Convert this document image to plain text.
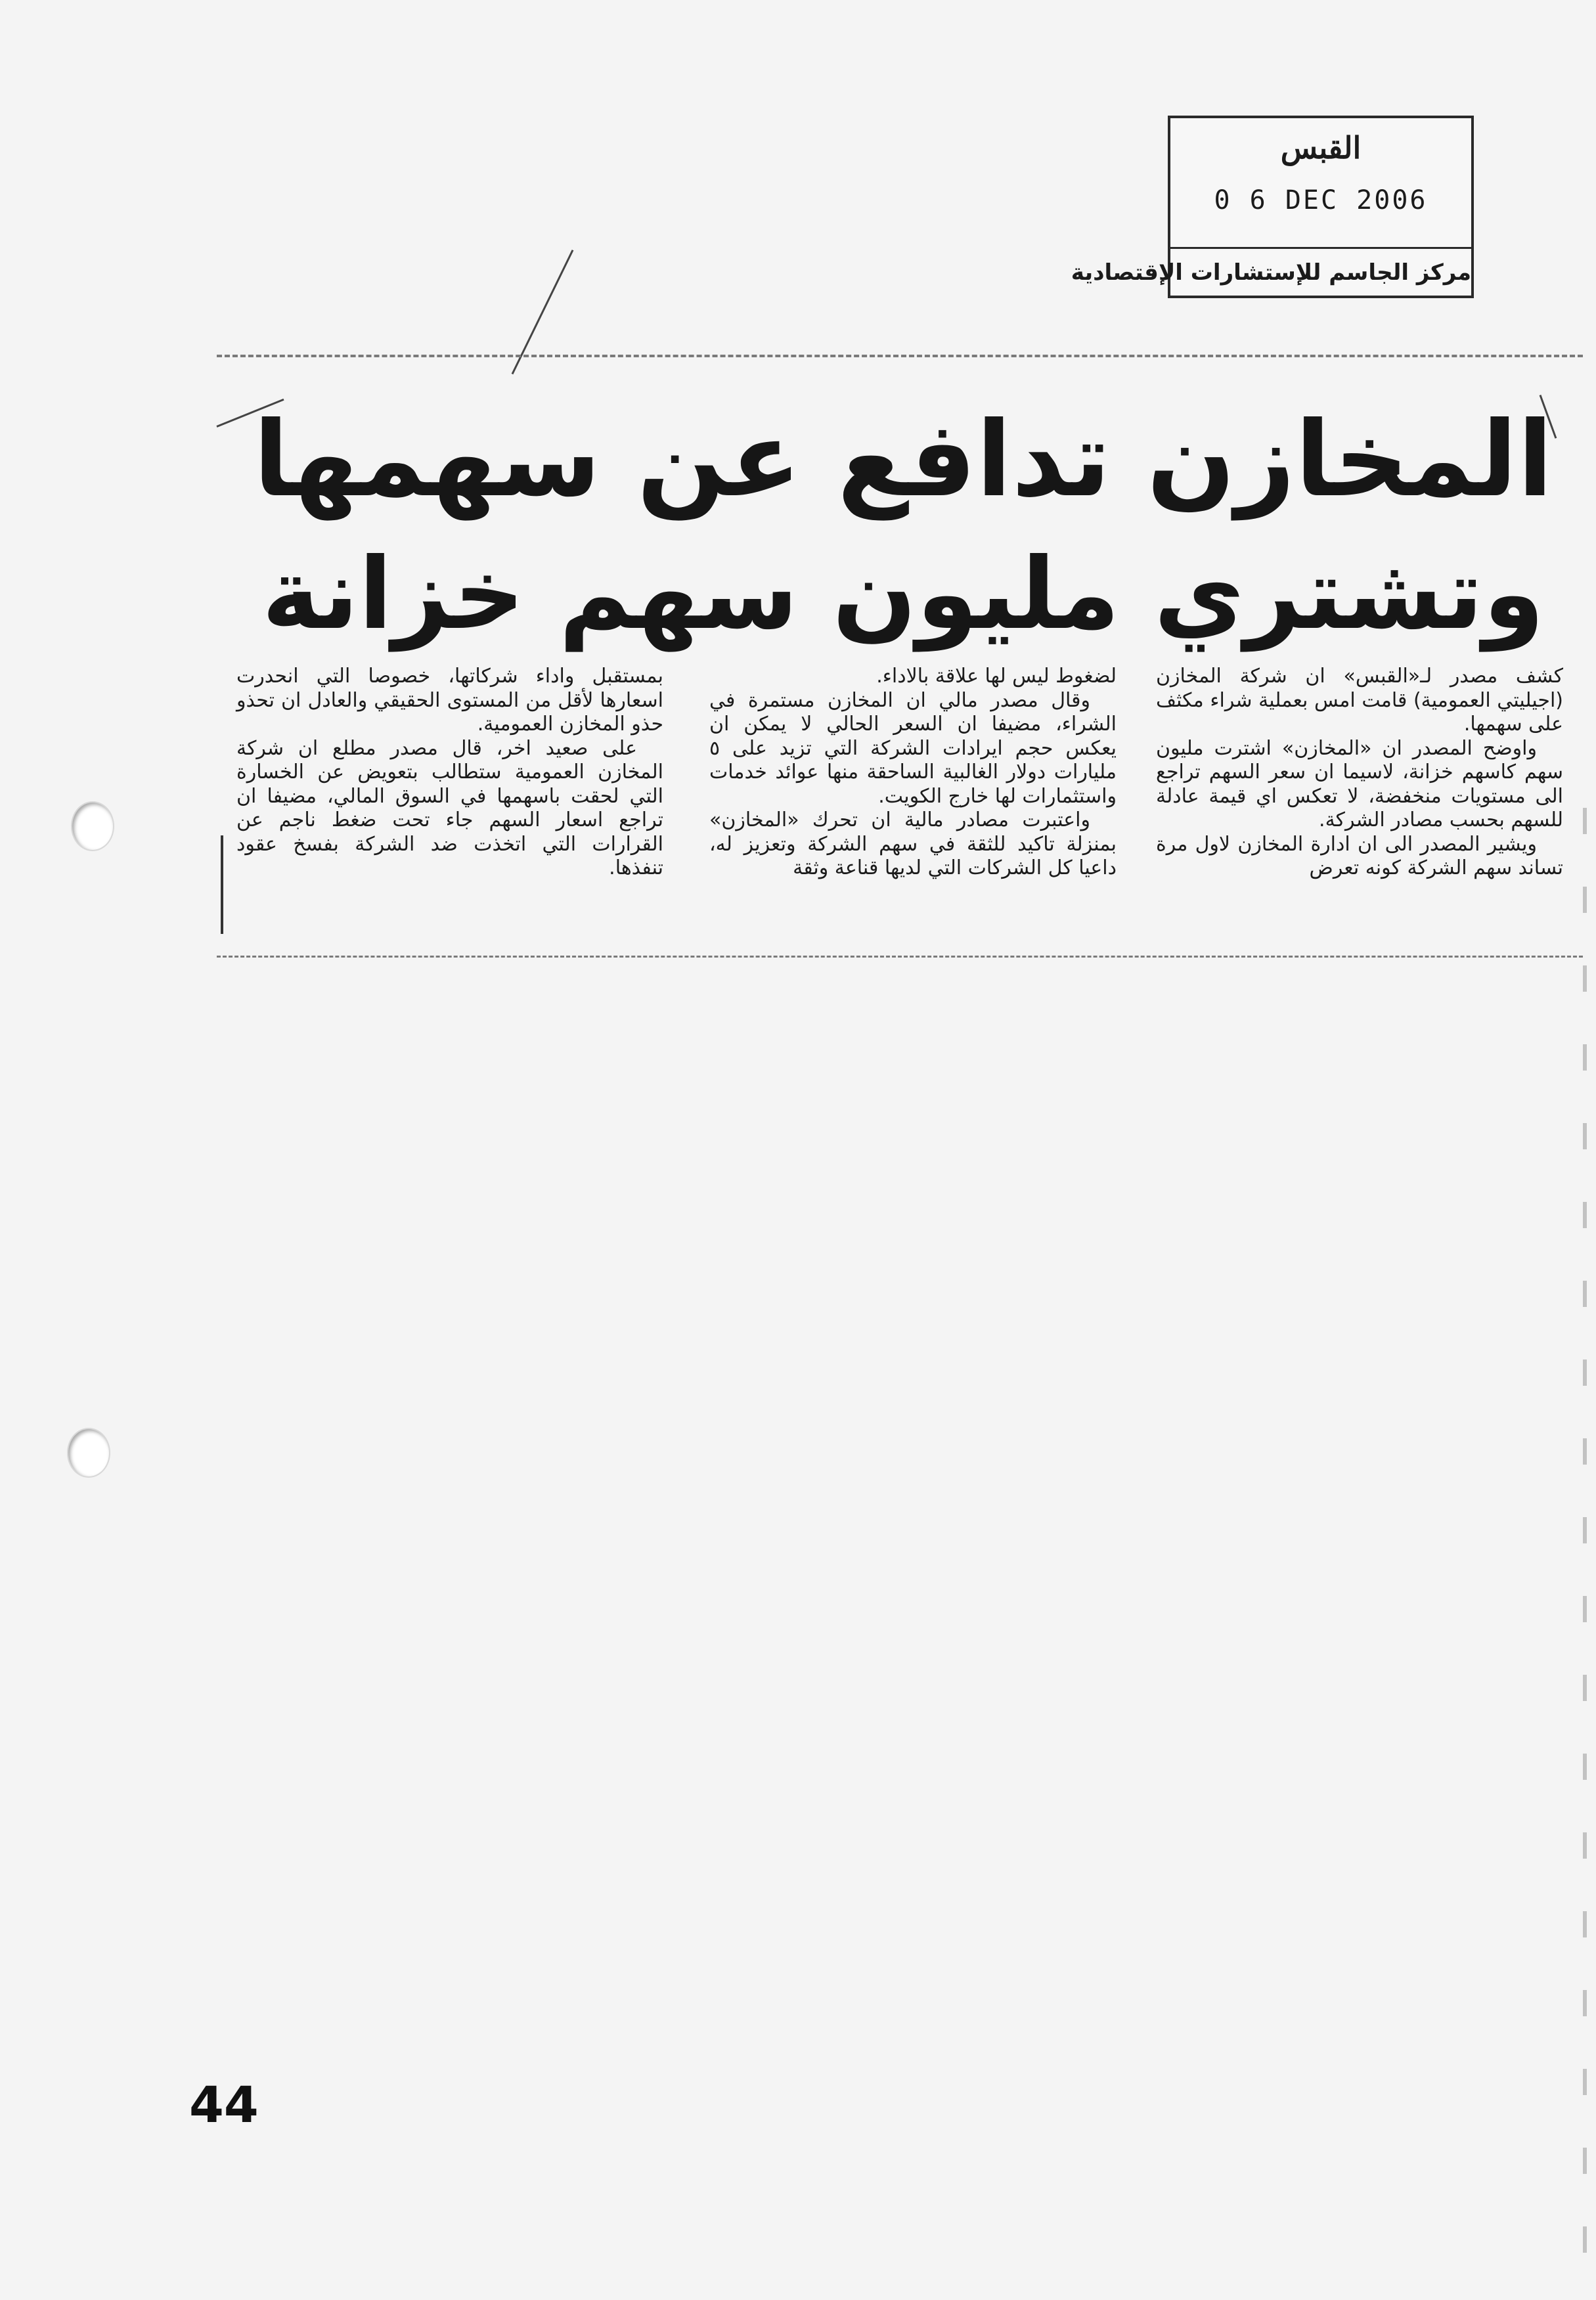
القبس
0 6 DEC 2006
مركز الجاسم للإستشارات الإقتصادية
المخازن تدافع عن سهمها
وتشتري مليون سهم خزانة

كشف مصدر لـ«القبس» ان شركة المخازن (اجيليتي العمومية) قامت امس بعملية شراء مكثف على سهمها.

واوضح المصدر ان «المخازن» اشترت مليون سهم كاسهم خزانة، لاسيما ان سعر السهم تراجع الى مستويات منخفضة، لا تعكس اي قيمة عادلة للسهم بحسب مصادر الشركة.

ويشير المصدر الى ان ادارة المخازن لاول مرة تساند سهم الشركة كونه تعرض

لضغوط ليس لها علاقة بالاداء.

وقال مصدر مالي ان المخازن مستمرة في الشراء، مضيفا ان السعر الحالي لا يمكن ان يعكس حجم ايرادات الشركة التي تزيد على ٥ مليارات دولار الغالبية الساحقة منها عوائد خدمات واستثمارات لها خارج الكويت.

واعتبرت مصادر مالية ان تحرك «المخازن» بمنزلة تاكيد للثقة في سهم الشركة وتعزيز له، داعيا كل الشركات التي لديها قناعة وثقة

بمستقبل واداء شركاتها، خصوصا التي انحدرت اسعارها لأقل من المستوى الحقيقي والعادل ان تحذو حذو المخازن العمومية.

على صعيد اخر، قال مصدر مطلع ان شركة المخازن العمومية ستطالب بتعويض عن الخسارة التي لحقت باسهمها في السوق المالي، مضيفا ان تراجع اسعار السهم جاء تحت ضغط ناجم عن القرارات التي اتخذت ضد الشركة بفسخ عقود تنفذها.

44
